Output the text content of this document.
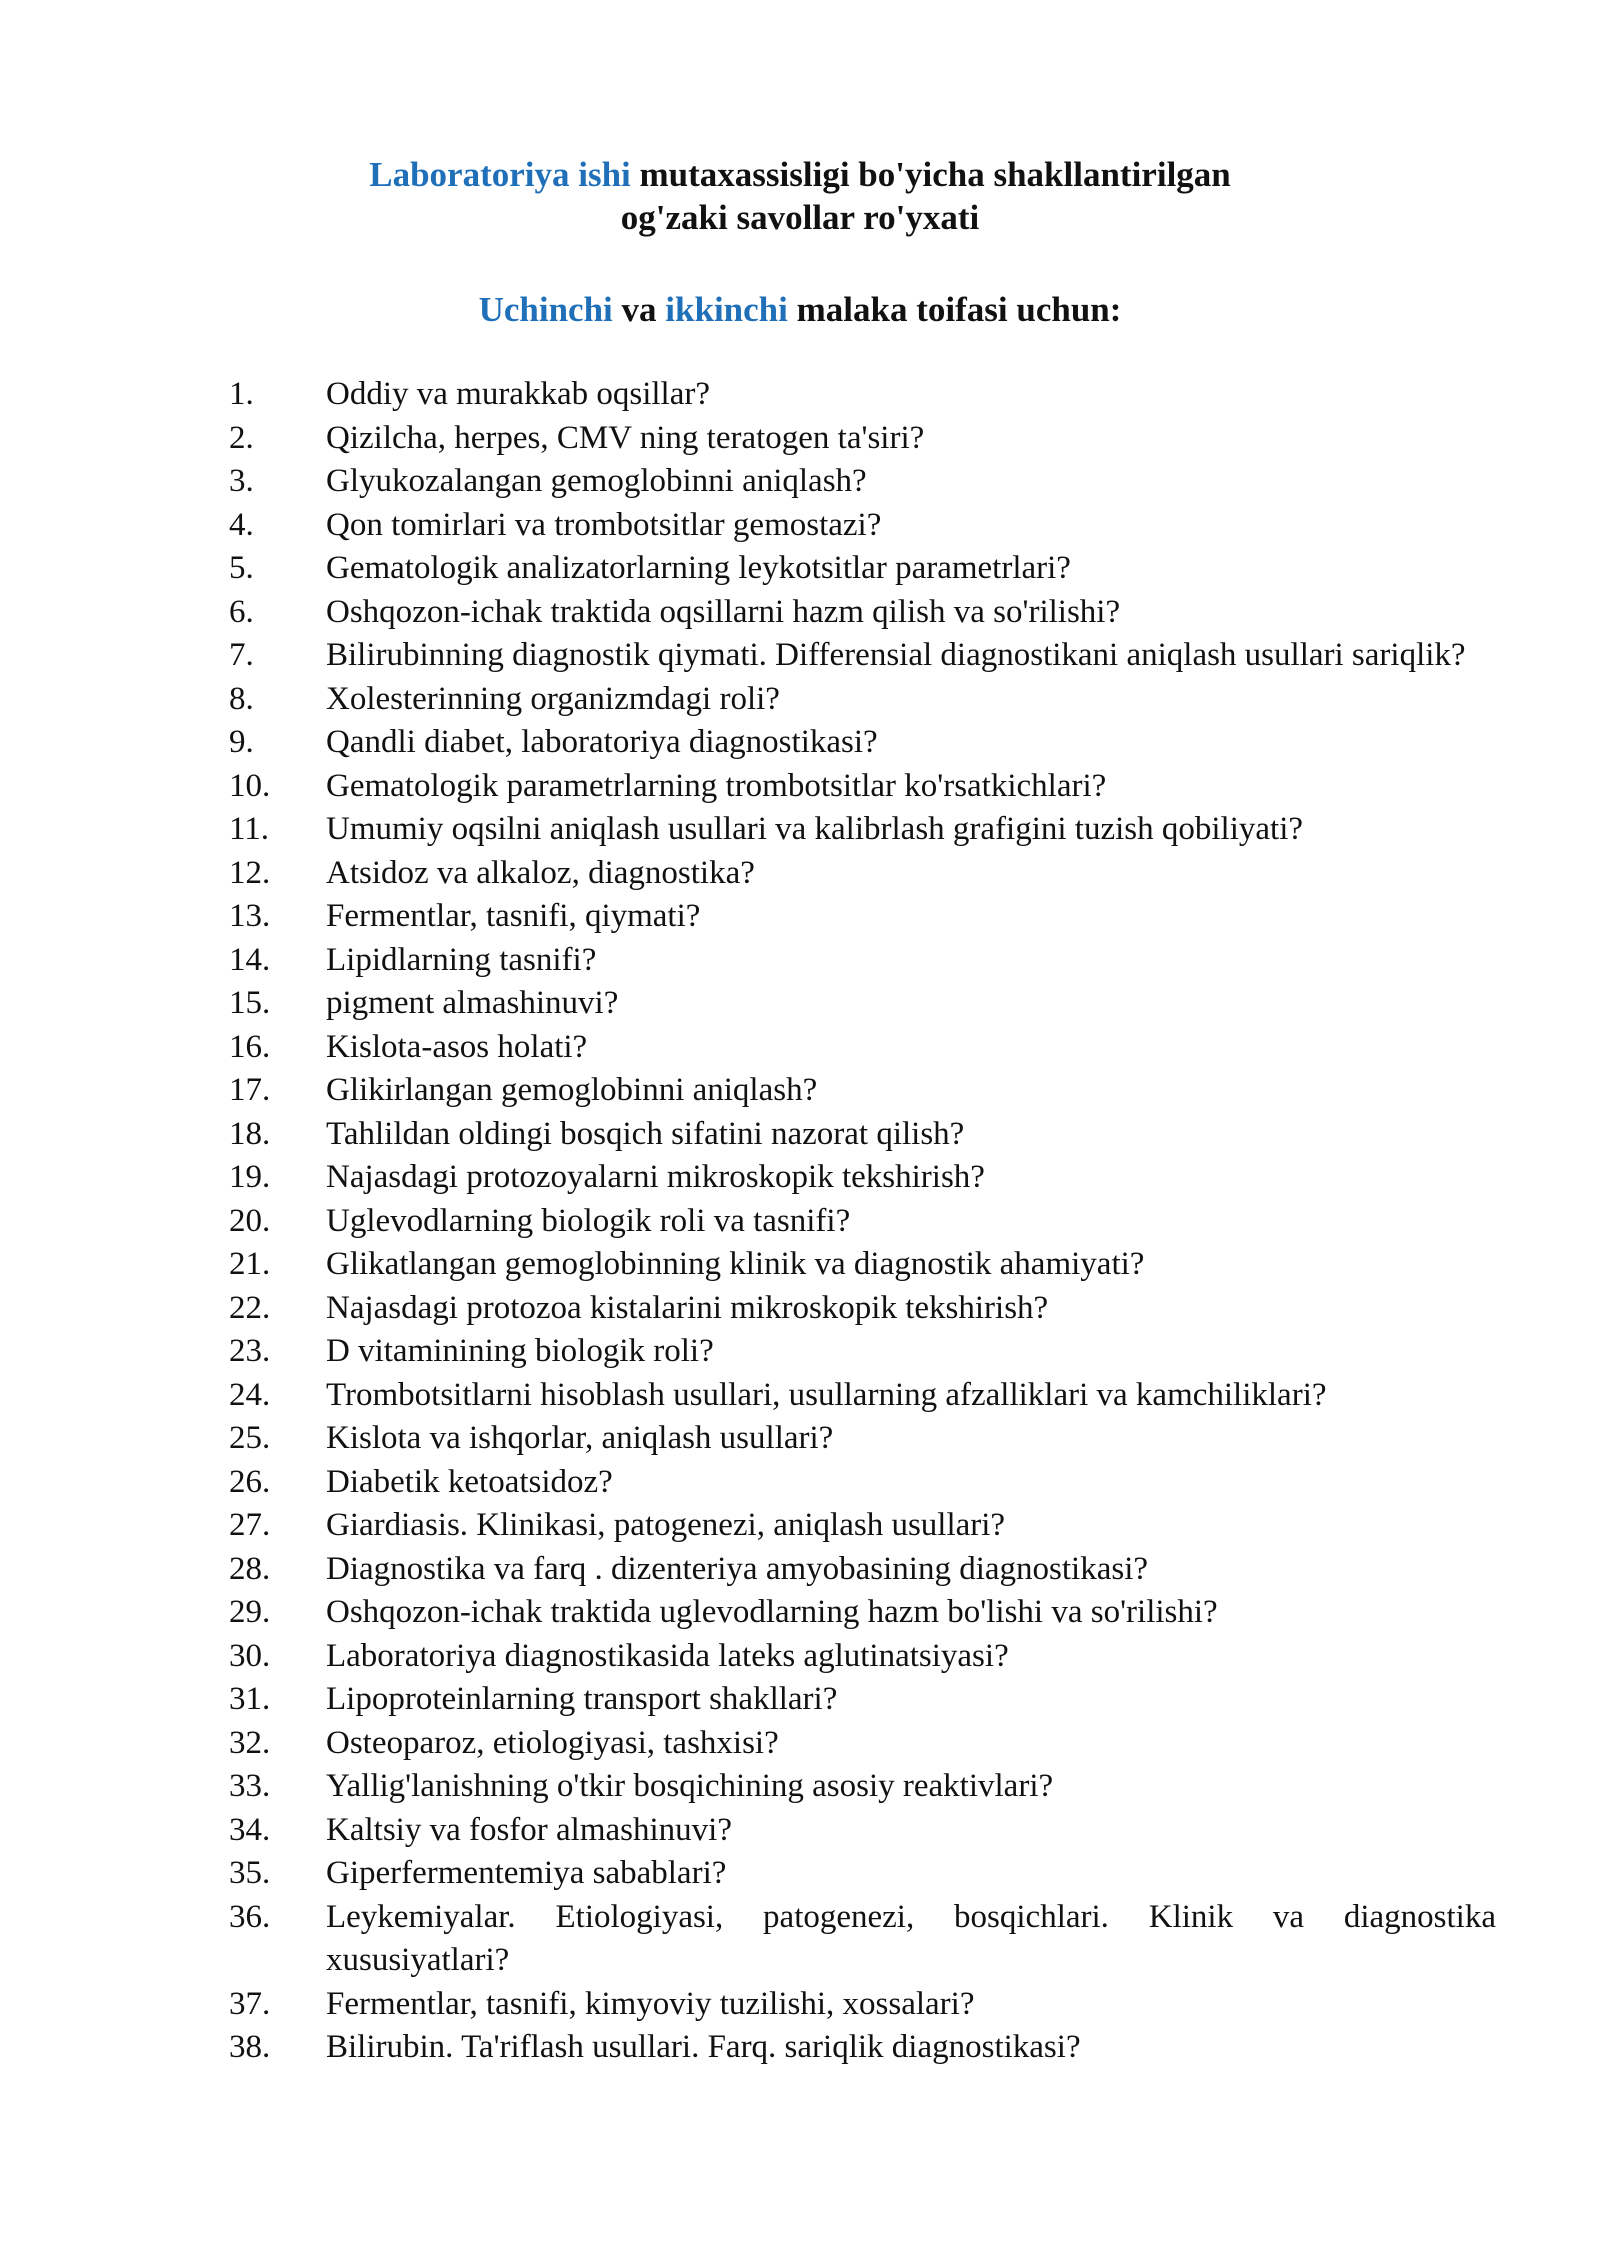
Laboratoriya ishi mutaxassisligi bo'yicha shakllantirilgan
og'zaki savollar ro'yxati
Uchinchi va ikkinchi malaka toifasi uchun:
1.	Oddiy va murakkab oqsillar?
2.	Qizilcha, herpes, CMV ning teratogen ta'siri?
3.	Glyukozalangan gemoglobinni aniqlash?
4.	Qon tomirlari va trombotsitlar gemostazi?
5.	Gematologik analizatorlarning leykotsitlar parametrlari?
6.	Oshqozon-ichak traktida oqsillarni hazm qilish va so'rilishi?
7.	Bilirubinning diagnostik qiymati. Differensial diagnostikani aniqlash usullari sariqlik?
8.	Xolesterinning organizmdagi roli?
9.	Qandli diabet, laboratoriya diagnostikasi?
10.	Gematologik parametrlarning trombotsitlar ko'rsatkichlari?
11.	Umumiy oqsilni aniqlash usullari va kalibrlash grafigini tuzish qobiliyati?
12.	Atsidoz va alkaloz, diagnostika?
13.	Fermentlar, tasnifi, qiymati?
14.	Lipidlarning tasnifi?
15.	pigment almashinuvi?
16.	Kislota-asos holati?
17.	Glikirlangan gemoglobinni aniqlash?
18.	Tahlildan oldingi bosqich sifatini nazorat qilish?
19.	Najasdagi protozoyalarni mikroskopik tekshirish?
20.	Uglevodlarning biologik roli va tasnifi?
21.	Glikatlangan gemoglobinning klinik va diagnostik ahamiyati?
22.	Najasdagi protozoa kistalarini mikroskopik tekshirish?
23.	D vitaminining biologik roli?
24.	Trombotsitlarni hisoblash usullari, usullarning afzalliklari va kamchiliklari?
25.	Kislota va ishqorlar, aniqlash usullari?
26.	Diabetik ketoatsidoz?
27.	Giardiasis. Klinikasi, patogenezi, aniqlash usullari?
28.	Diagnostika va farq . dizenteriya amyobasining diagnostikasi?
29.	Oshqozon-ichak traktida uglevodlarning hazm bo'lishi va so'rilishi?
30.	Laboratoriya diagnostikasida lateks aglutinatsiyasi?
31.	Lipoproteinlarning transport shakllari?
32.	Osteoparoz, etiologiyasi, tashxisi?
33.	Yallig'lanishning o'tkir bosqichining asosiy reaktivlari?
34.	Kaltsiy va fosfor almashinuvi?
35.	Giperfermentemiya sabablari?
36.	Leykemiyalar. Etiologiyasi, patogenezi, bosqichlari. Klinik va diagnostika xususiyatlari?
37.	Fermentlar, tasnifi, kimyoviy tuzilishi, xossalari?
38.	Bilirubin. Ta'riflash usullari. Farq. sariqlik diagnostikasi?
